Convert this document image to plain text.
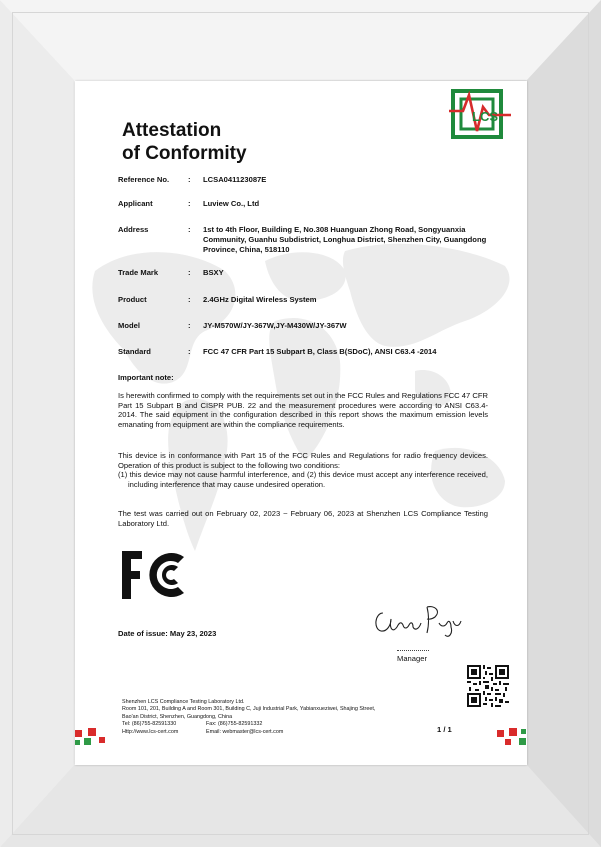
LCS
Attestation
of Conformity
Reference No.	: LCSA041123087E
Applicant	: Luview Co., Ltd
Address	: 1st to 4th Floor, Building E, No.308 Huanguan Zhong Road, Songyuanxia Community, Guanhu Subdistrict, Longhua District, Shenzhen City, Guangdong Province, China, 518110
Trade Mark	: BSXY
Product	: 2.4GHz Digital Wireless System
Model	: JY-M570W/JY-367W,JY-M430W/JY-367W
Standard	: FCC 47 CFR Part 15 Subpart B, Class B(SDoC), ANSI C63.4 -2014
Important note:

Is herewith confirmed to comply with the requirements set out in the FCC Rules and Regulations FCC 47 CFR Part 15 Subpart B and CISPR PUB. 22 and the measurement procedures were according to ANSI C63.4-2014. The said equipment in the configuration described in this report shows the maximum emission levels emanating from equipment are within the compliance requirements.

This device is in conformance with Part 15 of the FCC Rules and Regulations for radio frequency devices. Operation of this product is subject to the following two conditions:

(1) this device may not cause harmful interference, and (2) this device must accept any interference received, including interference that may cause undesired operation.

The test was carried out on February 02, 2023 ~ February 06, 2023 at Shenzhen LCS Compliance Testing Laboratory Ltd.

Date of issue: May 23, 2023
Manager
Shenzhen LCS Compliance Testing Laboratory Ltd.
Room 101, 201, Building A and Room 301, Building C, Juji Industrial Park, Yabianxueziwei, Shajing Street,
Bao'an District, Shenzhen, Guangdong, China
Tel: (86)755-82591330	Fax: (86)755-82591332
Http://www.lcs-cert.com	Email: webmaster@lcs-cert.com	1 / 1
